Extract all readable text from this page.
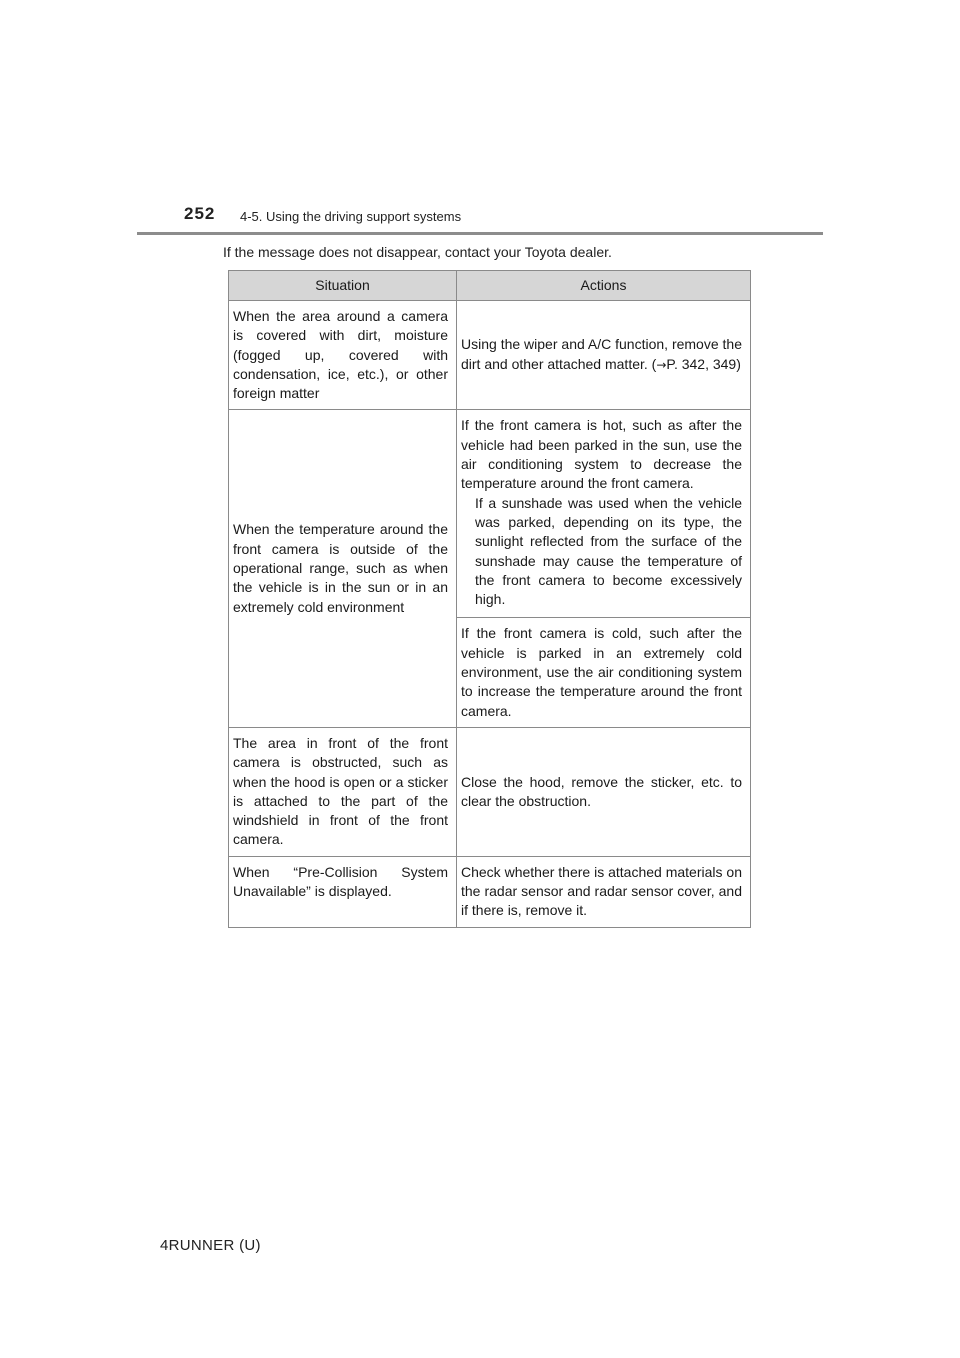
252 4-5. Using the driving support systems
If the message does not disappear, contact your Toyota dealer.
Situation	Actions
When the area around a camera is covered with dirt, moisture (fogged up, covered with condensation, ice, etc.), or other foreign matter	Using the wiper and A/C function, remove the dirt and other attached matter. (→P. 342, 349)
When the temperature around the front camera is outside of the operational range, such as when the vehicle is in the sun or in an extremely cold environment	If the front camera is hot, such as after the vehicle had been parked in the sun, use the air conditioning system to decrease the temperature around the front camera.
If a sunshade was used when the vehicle was parked, depending on its type, the sunlight reflected from the surface of the sunshade may cause the temperature of the front camera to become excessively high.

	If the front camera is cold, such after the vehicle is parked in an extremely cold environment, use the air conditioning system to increase the temperature around the front camera.
The area in front of the front camera is obstructed, such as when the hood is open or a sticker is attached to the part of the windshield in front of the front camera.	Close the hood, remove the sticker, etc. to clear the obstruction.
When “Pre-Collision System Unavailable” is displayed.	Check whether there is attached materials on the radar sensor and radar sensor cover, and if there is, remove it.
4RUNNER (U)
